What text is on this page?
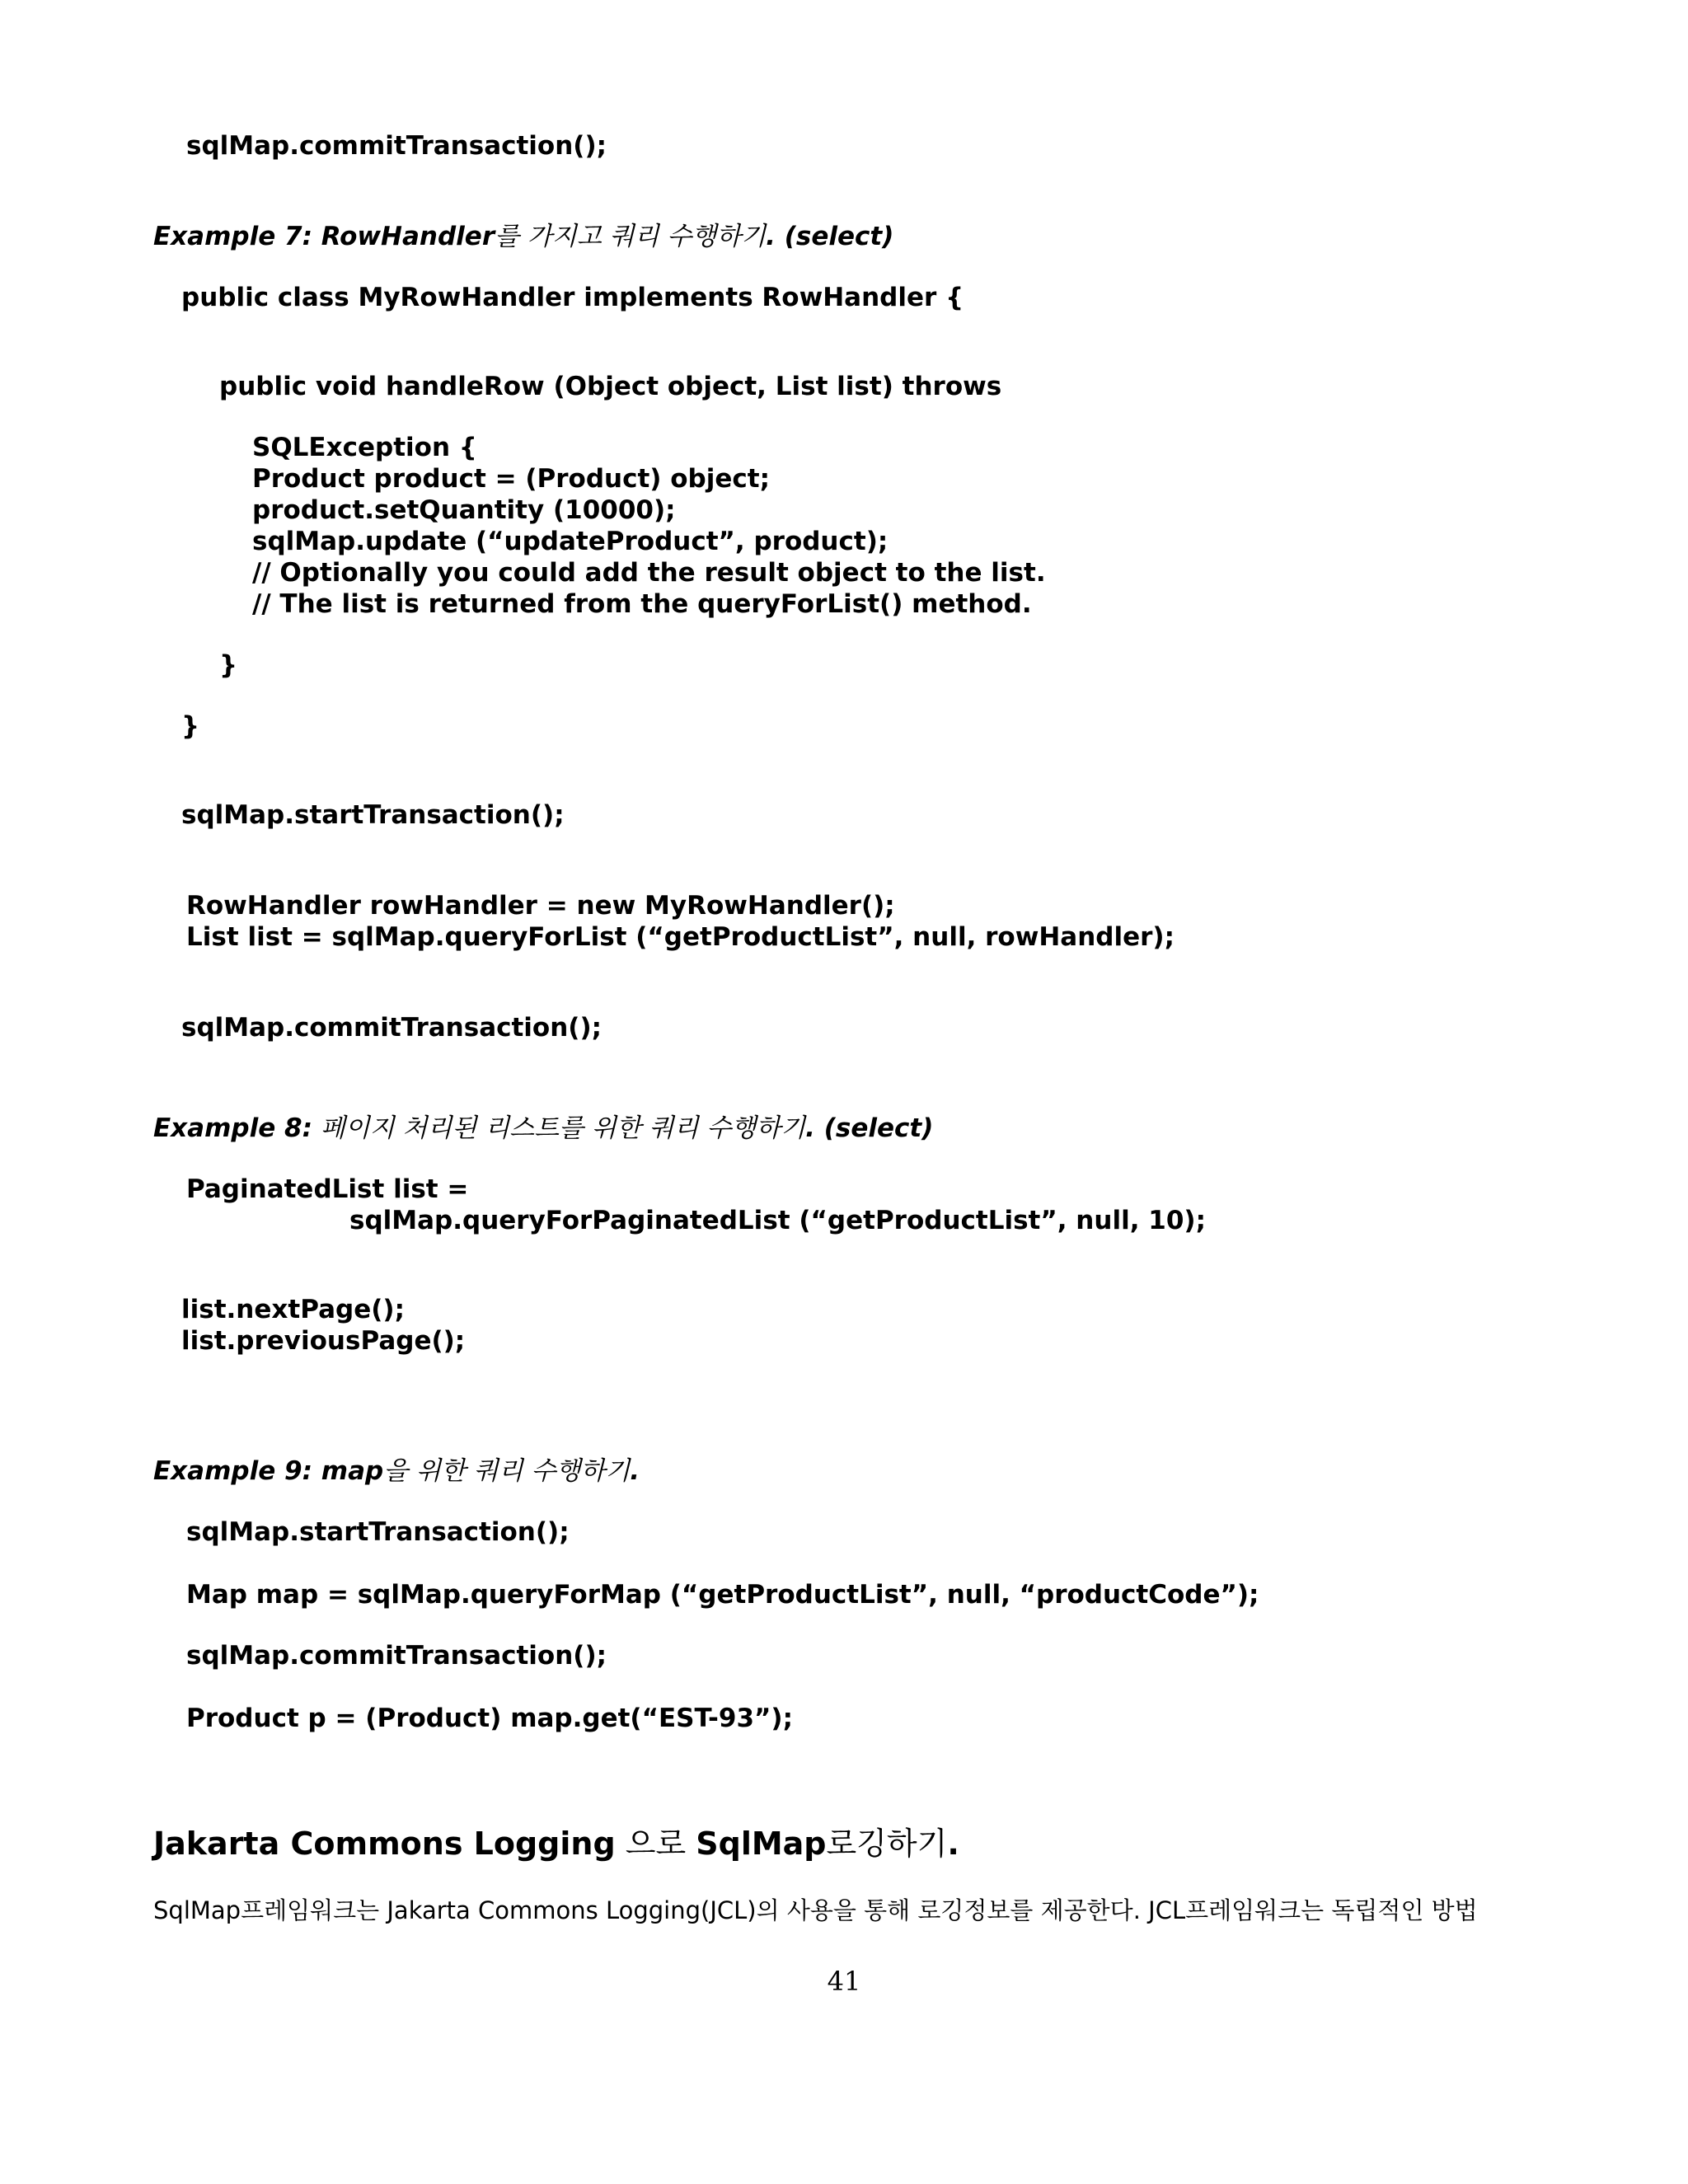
sqlMap.commitTransaction();

Example 7: RowHandler를 가지고 쿼리 수행하기. (select)

public class MyRowHandler implements RowHandler {

public void handleRow (Object object, List list) throws

SQLException {

Product product = (Product) object;

product.setQuantity (10000);

sqlMap.update (“updateProduct”, product);

// Optionally you could add the result object to the list.

// The list is returned from the queryForList() method.

}

}

sqlMap.startTransaction();

RowHandler rowHandler = new MyRowHandler();

List list = sqlMap.queryForList (“getProductList”, null, rowHandler);

sqlMap.commitTransaction();

Example 8: 페이지 처리된 리스트를 위한 쿼리 수행하기. (select)

PaginatedList list =

sqlMap.queryForPaginatedList (“getProductList”, null, 10);

list.nextPage();

list.previousPage();

Example 9: map을 위한 쿼리 수행하기.

sqlMap.startTransaction();

Map map = sqlMap.queryForMap (“getProductList”, null, “productCode”);

sqlMap.commitTransaction();

Product p = (Product) map.get(“EST-93”);

Jakarta Commons Logging 으로 SqlMap로깅하기.

SqlMap프레임워크는 Jakarta Commons Logging(JCL)의 사용을 통해 로깅정보를 제공한다. JCL프레임워크는 독립적인 방법

41
